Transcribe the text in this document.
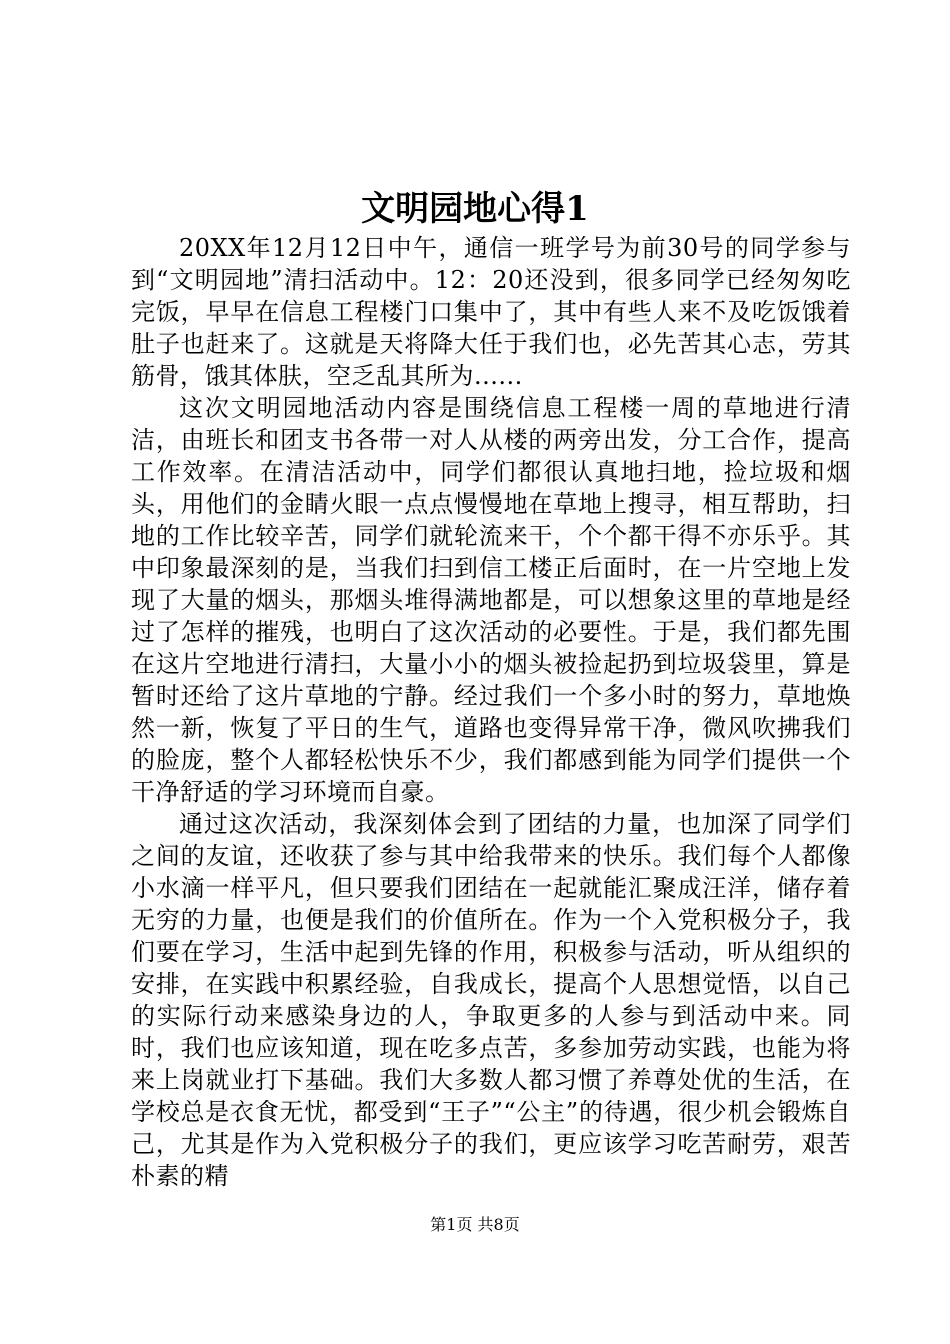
文明园地心得1

20XX年12月12日中午，通信一班学号为前30号的同学参与到“文明园地”清扫活动中。12：20还没到，很多同学已经匆匆吃完饭，早早在信息工程楼门口集中了，其中有些人来不及吃饭饿着肚子也赶来了。这就是天将降大任于我们也，必先苦其心志，劳其筋骨，饿其体肤，空乏乱其所为......

这次文明园地活动内容是围绕信息工程楼一周的草地进行清洁，由班长和团支书各带一对人从楼的两旁出发，分工合作，提高工作效率。在清洁活动中，同学们都很认真地扫地，捡垃圾和烟头，用他们的金睛火眼一点点慢慢地在草地上搜寻，相互帮助，扫地的工作比较辛苦，同学们就轮流来干，个个都干得不亦乐乎。其中印象最深刻的是，当我们扫到信工楼正后面时，在一片空地上发现了大量的烟头，那烟头堆得满地都是，可以想象这里的草地是经过了怎样的摧残，也明白了这次活动的必要性。于是，我们都先围在这片空地进行清扫，大量小小的烟头被捡起扔到垃圾袋里，算是暂时还给了这片草地的宁静。经过我们一个多小时的努力，草地焕然一新，恢复了平日的生气，道路也变得异常干净，微风吹拂我们的脸庞，整个人都轻松快乐不少，我们都感到能为同学们提供一个干净舒适的学习环境而自豪。

通过这次活动，我深刻体会到了团结的力量，也加深了同学们之间的友谊，还收获了参与其中给我带来的快乐。我们每个人都像小水滴一样平凡，但只要我们团结在一起就能汇聚成汪洋，储存着无穷的力量，也便是我们的价值所在。作为一个入党积极分子，我们要在学习，生活中起到先锋的作用，积极参与活动，听从组织的安排，在实践中积累经验，自我成长，提高个人思想觉悟，以自己的实际行动来感染身边的人，争取更多的人参与到活动中来。同时，我们也应该知道，现在吃多点苦，多参加劳动实践，也能为将来上岗就业打下基础。我们大多数人都习惯了养尊处优的生活，在学校总是衣食无忧，都受到“王子”“公主”的待遇，很少机会锻炼自己，尤其是作为入党积极分子的我们，更应该学习吃苦耐劳，艰苦朴素的精

第1页 共8页
